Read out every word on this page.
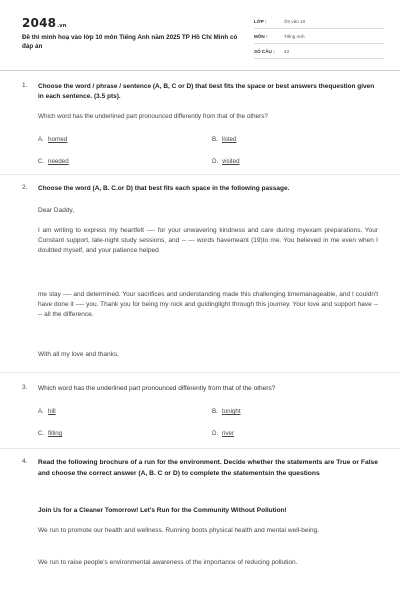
2048.vn
Đề thi minh hoạ vào lớp 10 môn Tiếng Anh năm 2025 TP Hồ Chí Minh có đáp án
LỚP :	Ôn vào 10
MÔN :	Tiếng Anh
SỐ CÂU : 43
1. Choose the word / phrase / sentence (A, B, C or D) that best fits the space or best answers thequestion given in each sentence. (3.5 pts).
Which word has the underlined part pronounced differently from that of the others?
A. horned	B. listed
C. needed	D. visited
2. Choose the word (A, B. C.or D) that best fits each space in the following passage.
Dear Daddy,
I am writing to express my heartfelt ---- for your unwavering kindness and care during myexam preparations. Your Constant support, late-night study sessions, and -- --- words havemeant (19)to me. You believed in me even when I doubted myself, and your patience helped
me stay ---- and determined. Your sacrifices and understanding made this challenging timemanageable, and I couldn't have done it ---- you. Thank you for being my rock and guidinglight through this journey. Your love and support have ---- all the difference.
With all my love and thanks,
3. Which word has the underlined part pronounced differently from that of the others?
A. hill	B. tonight
C. filling	D. river
4. Read the following brochure of a run for the environment. Decide whether the statements are True or False and choose the correct answer (A, B. C or D) to complete the statementsin the questions
Join Us for a Cleaner Tomorrow! Let's Run for the Community Without Pollution!
We run to promote our health and wellness. Running boots physical health and mental well-being.
We run to raise people's environmental awareness of the importance of reducing pollution.
